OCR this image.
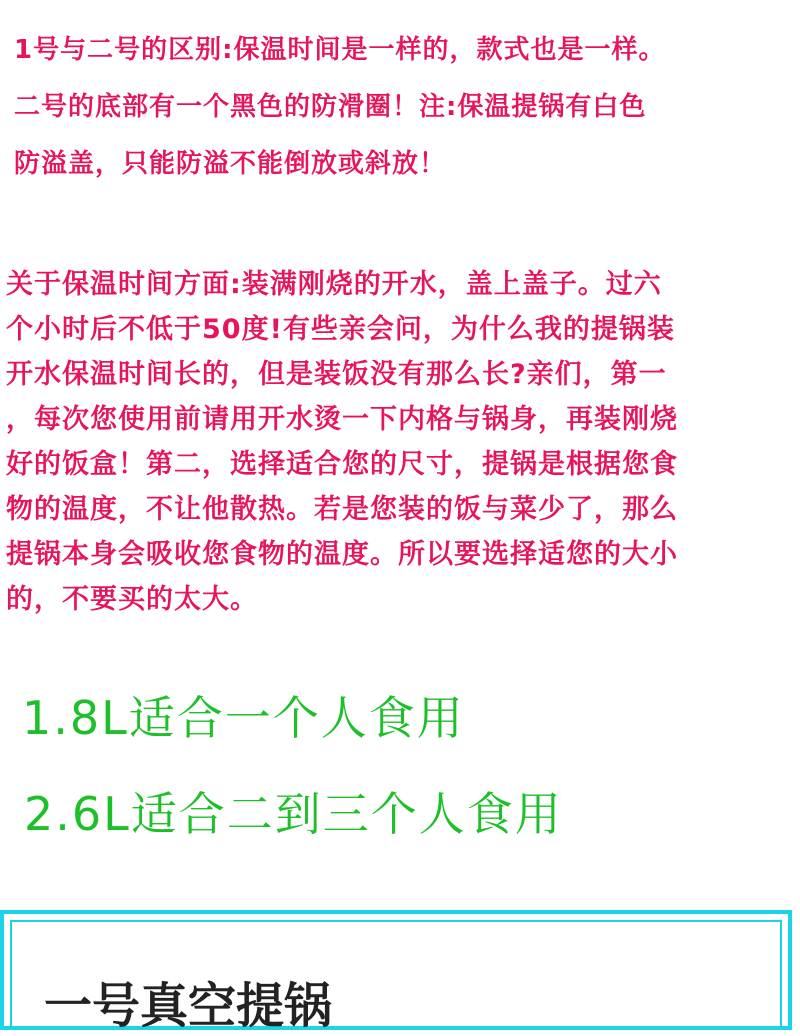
1号与二号的区别:保温时间是一样的，款式也是一样。
二号的底部有一个黑色的防滑圈！注:保温提锅有白色
防溢盖，只能防溢不能倒放或斜放！
关于保温时间方面:装满刚烧的开水，盖上盖子。过六
个小时后不低于50度!有些亲会问，为什么我的提锅装
开水保温时间长的，但是装饭没有那么长?亲们，第一
，每次您使用前请用开水烫一下内格与锅身，再装刚烧
好的饭盒！第二，选择适合您的尺寸，提锅是根据您食
物的温度，不让他散热。若是您装的饭与菜少了，那么
提锅本身会吸收您食物的温度。所以要选择适您的大小
的，不要买的太大。
1.8L适合一个人食用
2.6L适合二到三个人食用
一号真空提锅
